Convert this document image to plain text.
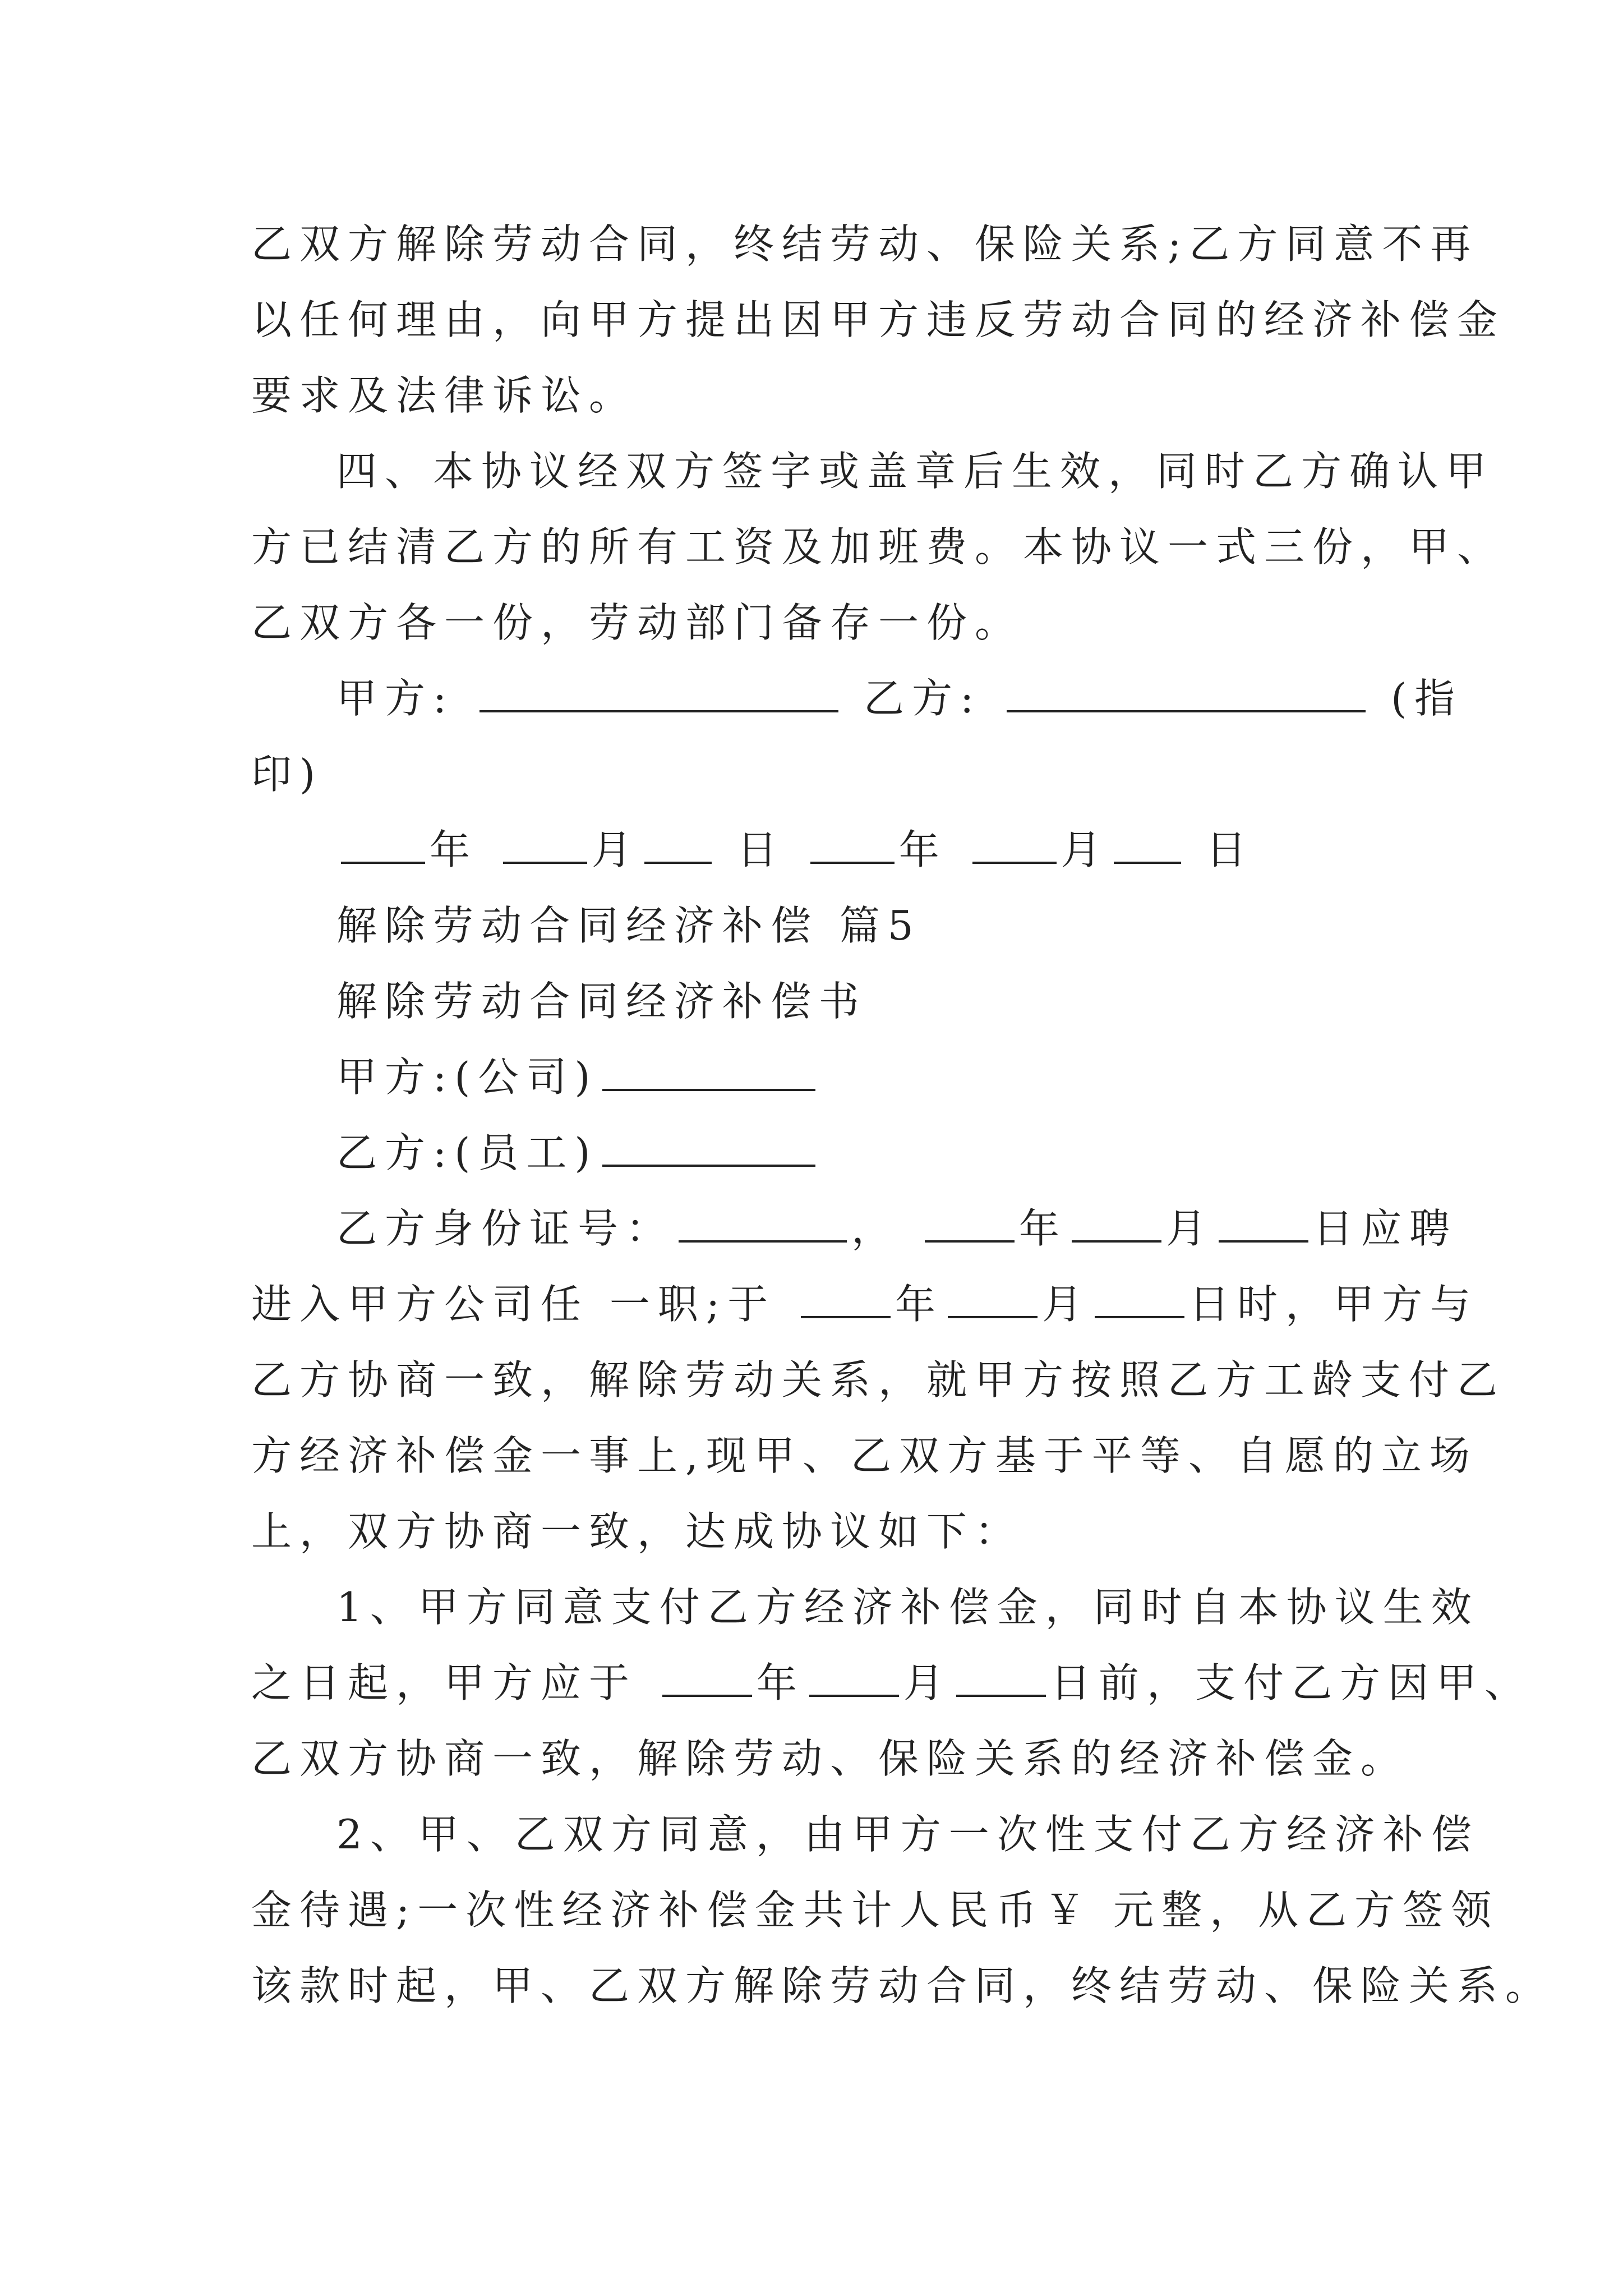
乙双方解除劳动合同，终结劳动、保险关系;乙方同意不再
以任何理由，向甲方提出因甲方违反劳动合同的经济补偿金
要求及法律诉讼。
四、本协议经双方签字或盖章后生效，同时乙方确认甲
方已结清乙方的所有工资及加班费。本协议一式三份，甲、
乙双方各一份，劳动部门备存一份。
甲方:	乙方:	(指
印)
年	月 日	年	月 日
解除劳动合同经济补偿 篇5
解除劳动合同经济补偿书
甲方:(公司)
乙方:(员工)
乙方身份证号：	，	年 月 日应聘
进入甲方公司任 一职;于	年 月 日时，甲方与
乙方协商一致，解除劳动关系，就甲方按照乙方工龄支付乙
方经济补偿金一事上,现甲、乙双方基于平等、自愿的立场
上，双方协商一致，达成协议如下：
1、甲方同意支付乙方经济补偿金，同时自本协议生效
之日起，甲方应于	年 月 日前，支付乙方因甲、
乙双方协商一致，解除劳动、保险关系的经济补偿金。
2、甲、乙双方同意，由甲方一次性支付乙方经济补偿
金待遇;一次性经济补偿金共计人民币￥ 元整，从乙方签领
该款时起，甲、乙双方解除劳动合同，终结劳动、保险关系。
